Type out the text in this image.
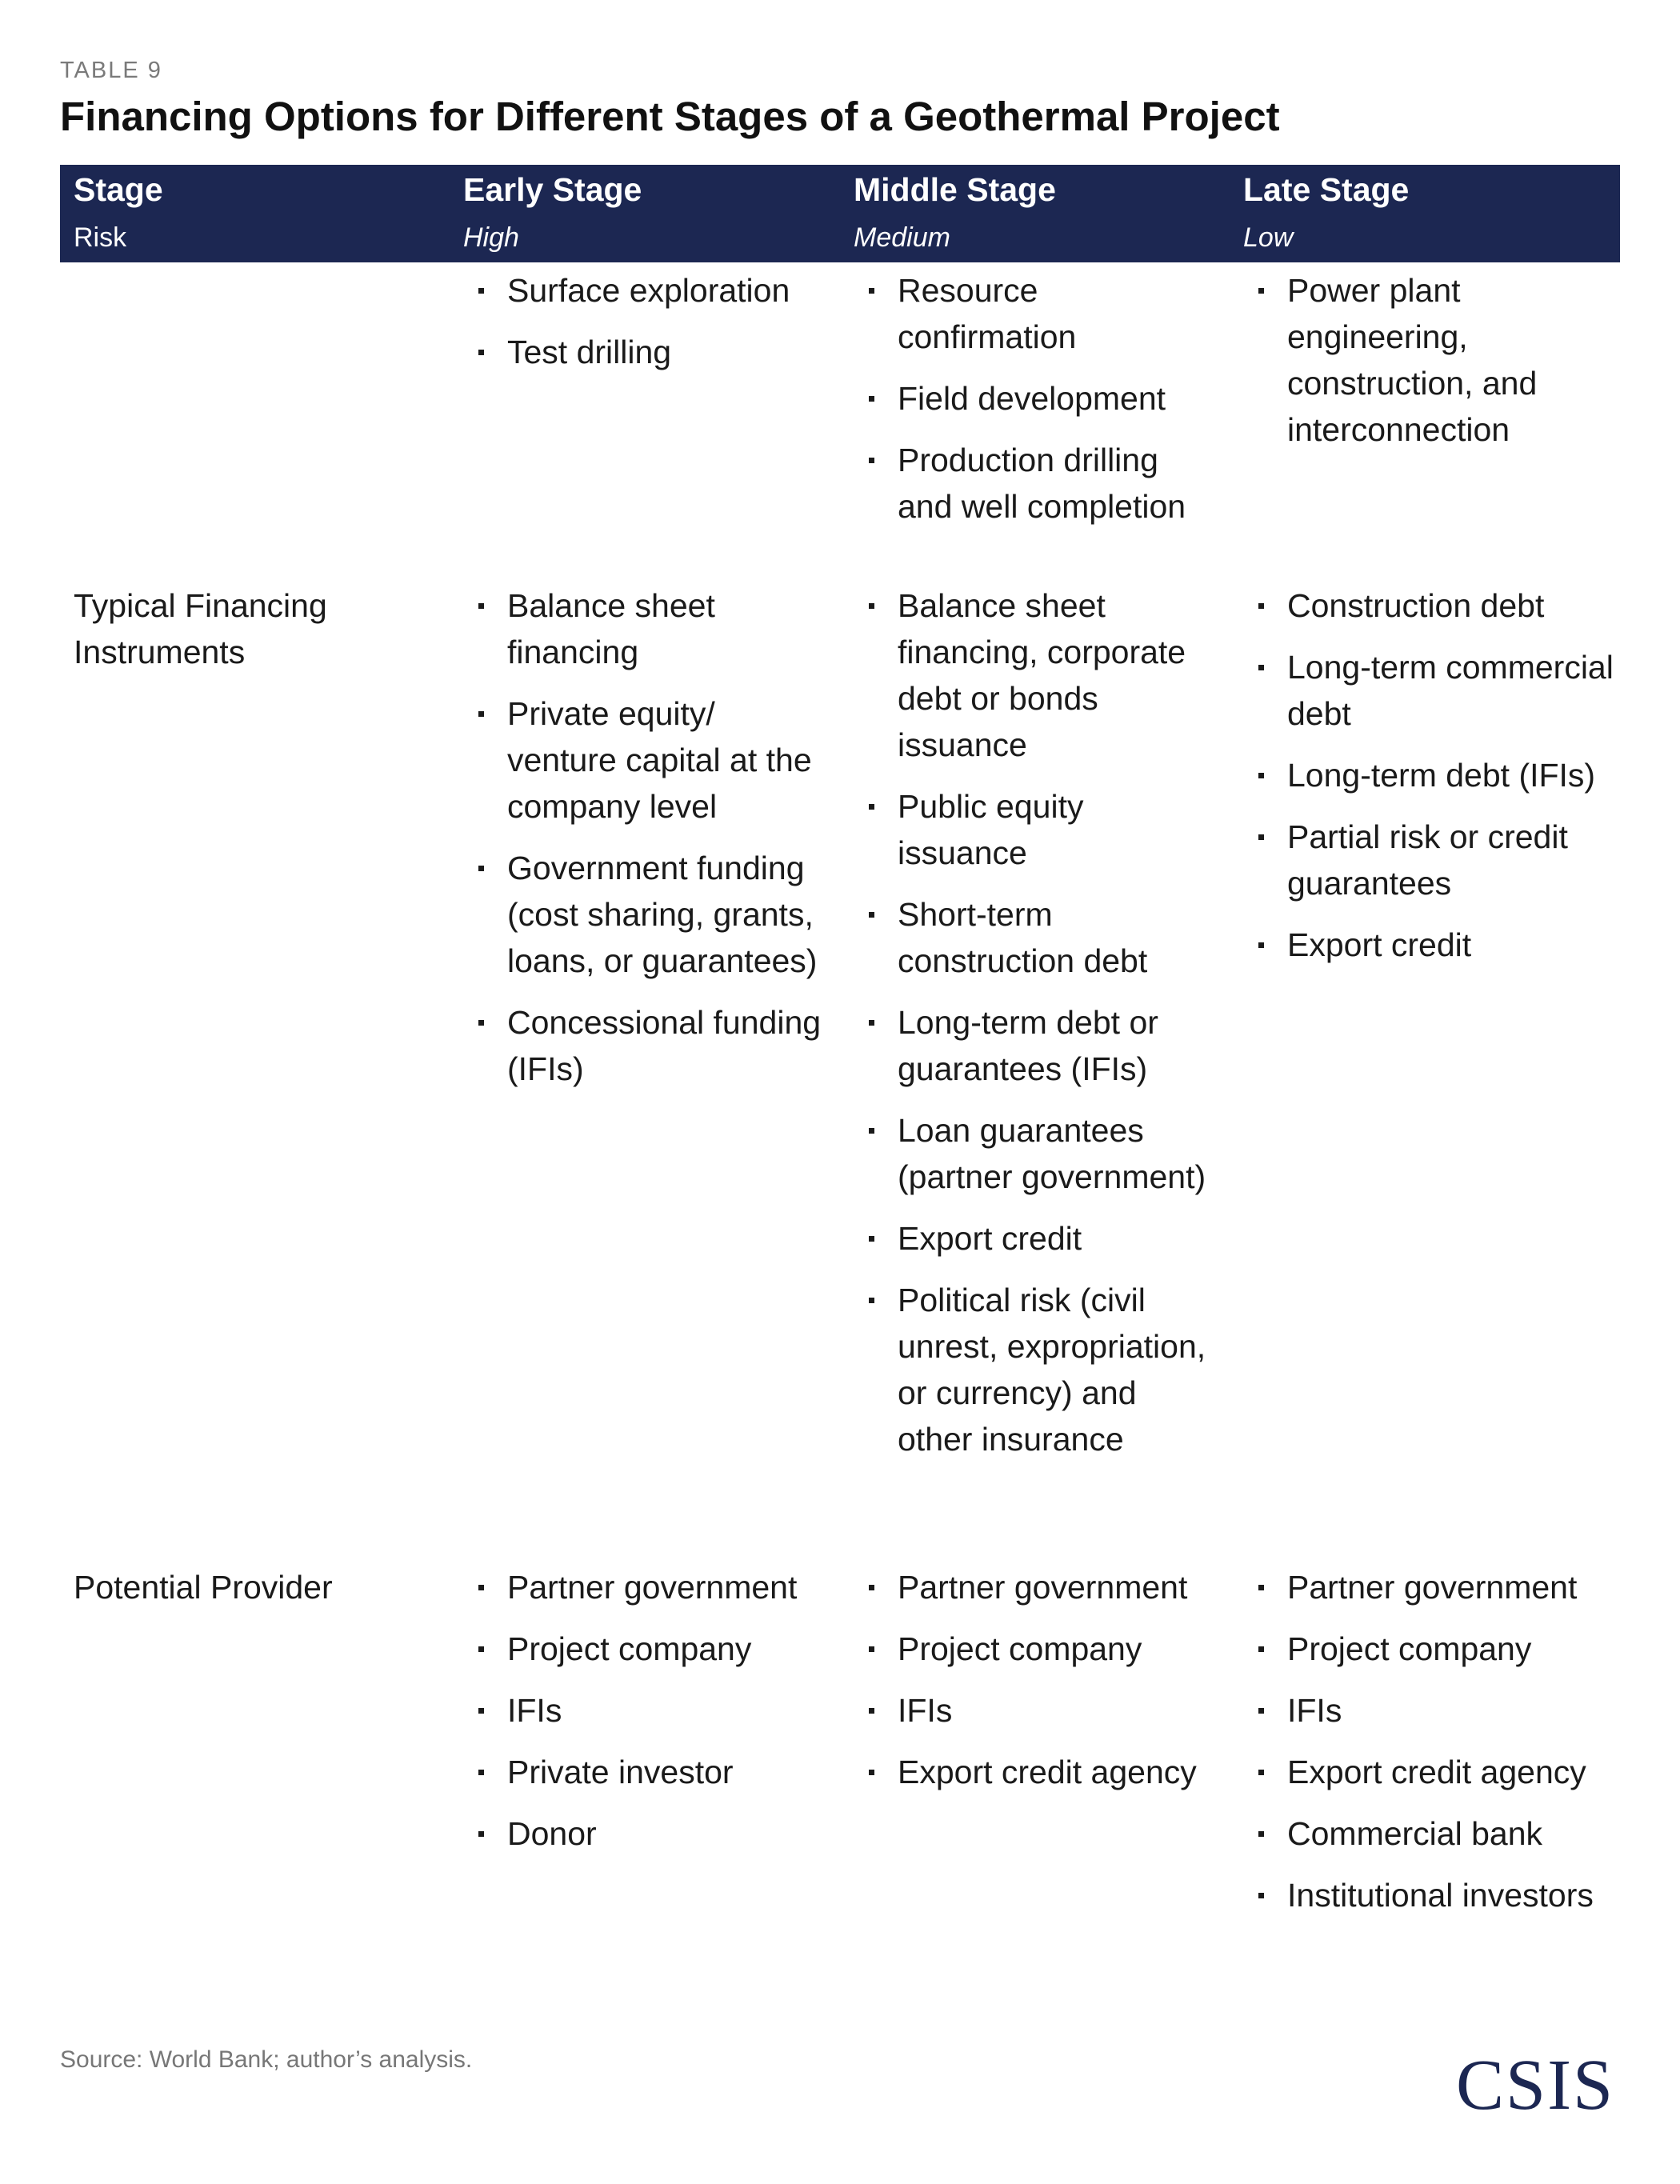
TABLE 9
Financing Options for Different Stages of a Geothermal Project
Stage
Risk
Early Stage
High
Middle Stage
Medium
Late Stage
Low
Surface exploration
Test drilling
Resource confirmation
Field development
Production drilling and well completion
Power plant engineering, construction, and interconnection
Typical Financing Instruments
Balance sheet financing
Private equity/ venture capital at the company level
Government funding (cost sharing, grants, loans, or guarantees)
Concessional funding (IFIs)
Balance sheet financing, corporate debt or bonds issuance
Public equity issuance
Short-term construction debt
Long-term debt or guarantees (IFIs)
Loan guarantees (partner government)
Export credit
Political risk (civil unrest, expropriation, or currency) and other insurance
Construction debt
Long-term commercial debt
Long-term debt (IFIs)
Partial risk or credit guarantees
Export credit
Potential Provider	Partner government
Project company
IFIs
Private investor
Donor
Partner government
Project company
IFIs
Export credit agency
Partner government
Project company
IFIs
Export credit agency
Commercial bank
Institutional investors
Source: World Bank; author’s analysis.	CSIS
